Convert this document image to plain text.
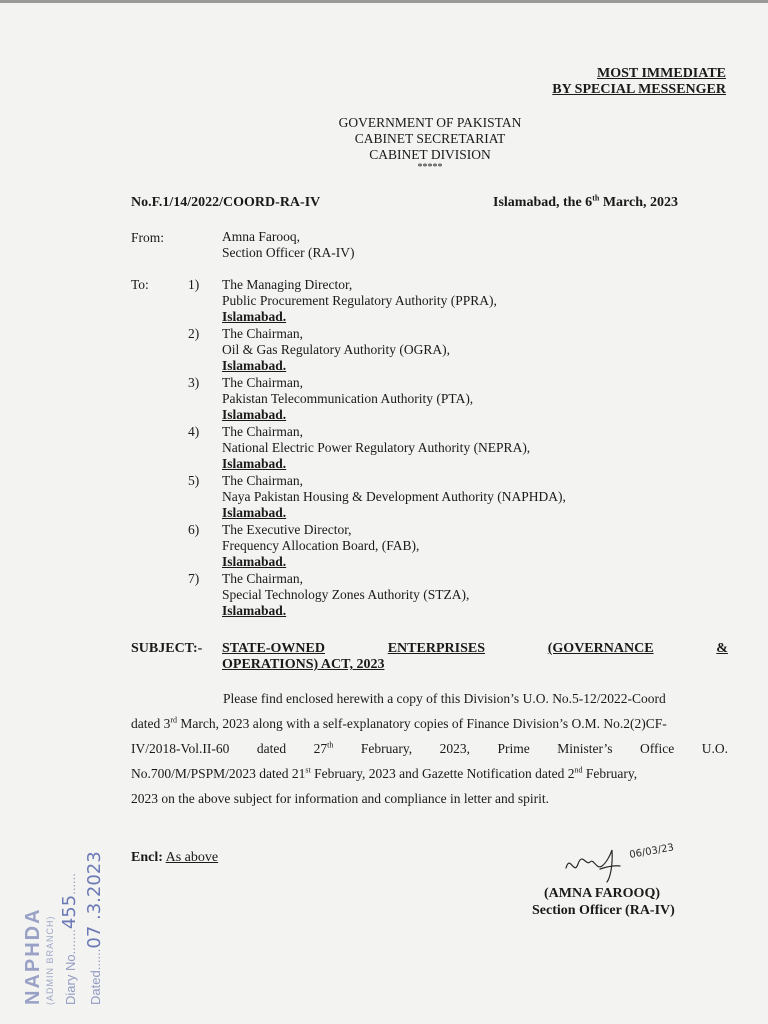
MOST IMMEDIATE
BY SPECIAL MESSENGER
GOVERNMENT OF PAKISTAN
CABINET SECRETARIAT
CABINET DIVISION
*****
No.F.1/14/2022/COORD-RA-IV	Islamabad, the 6th March, 2023
From:	Amna Farooq,
Section Officer (RA-IV)
To:	1) The Managing Director,
Public Procurement Regulatory Authority (PPRA),
Islamabad.
2) The Chairman,
Oil & Gas Regulatory Authority (OGRA),
Islamabad.
3) The Chairman,
Pakistan Telecommunication Authority (PTA),
Islamabad.
4) The Chairman,
National Electric Power Regulatory Authority (NEPRA),
Islamabad.
5) The Chairman,
Naya Pakistan Housing & Development Authority (NAPHDA),
Islamabad.
6) The Executive Director,
Frequency Allocation Board, (FAB),
Islamabad.
7) The Chairman,
Special Technology Zones Authority (STZA),
Islamabad.
SUBJECT:- STATE-OWNED	ENTERPRISES	(GOVERNANCE	&
OPERATIONS) ACT, 2023
Please find enclosed herewith a copy of this Division’s U.O. No.5-12/2022-Coord
dated 3rd March, 2023 along with a self-explanatory copies of Finance Division’s O.M. No.2(2)CF-
IV/2018-Vol.II-60 dated 27th February, 2023, Prime Minister’s Office U.O.
No.700/M/PSPM/2023 dated 21st February, 2023 and Gazette Notification dated 2nd February,
2023 on the above subject for information and compliance in letter and spirit.
Encl: As above	06/03/23
(AMNA FAROOQ)
Section Officer (RA-IV)
NAPHDA (ADMIN BRANCH) Diary No.......455......
Dated......07 .3.2023
